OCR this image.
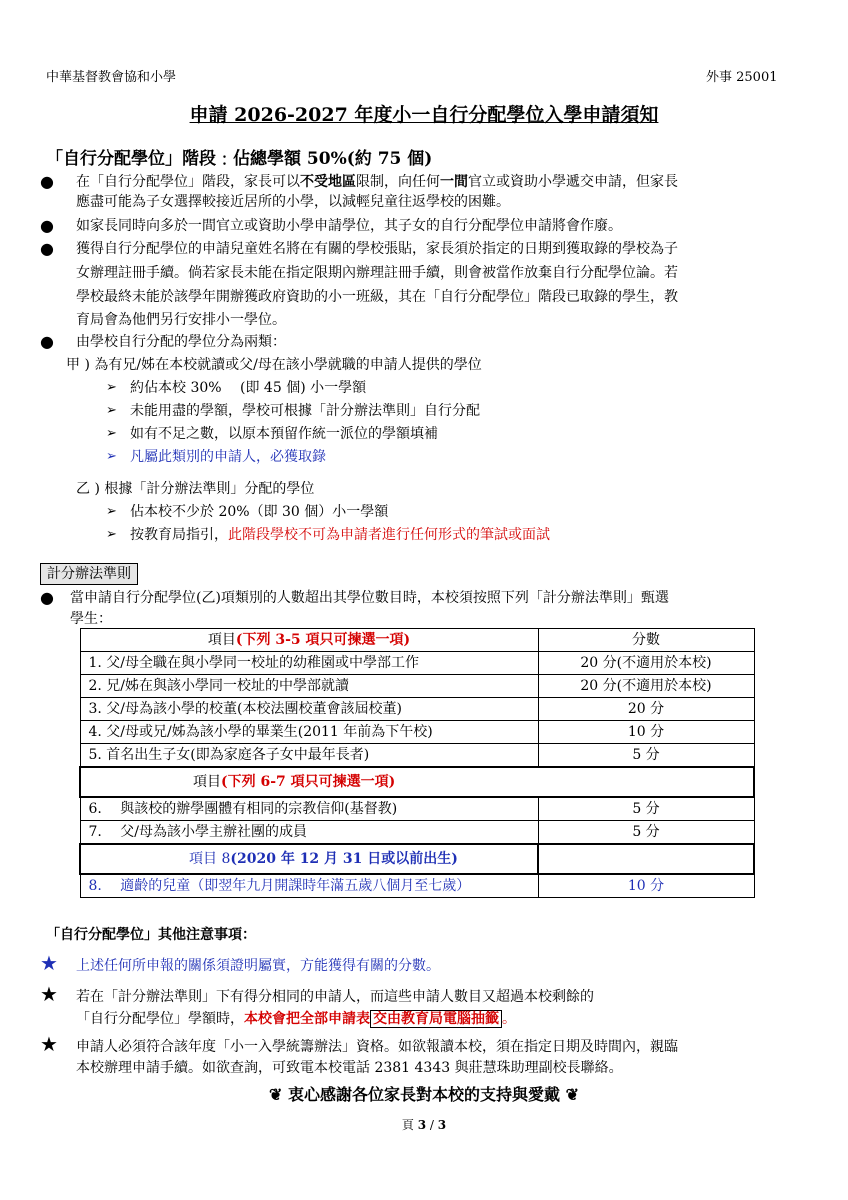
中華基督教會協和小學	外事 25001
申請 2026-2027 年度小一自行分配學位入學申請須知
「自行分配學位」階段﹕佔總學額 50%(約 75 個)
● 在「自行分配學位」階段，家長可以不受地區限制，向任何一間官立或資助小學遞交申請，但家長
應盡可能為子女選擇較接近居所的小學，以減輕兒童往返學校的困難。
● 如家長同時向多於一間官立或資助小學申請學位，其子女的自行分配學位申請將會作廢。
● 獲得自行分配學位的申請兒童姓名將在有關的學校張貼，家長須於指定的日期到獲取錄的學校為子
女辦理註冊手續。倘若家長未能在指定限期內辦理註冊手續，則會被當作放棄自行分配學位論。若
學校最終未能於該學年開辦獲政府資助的小一班級，其在「自行分配學位」階段已取錄的學生，教
育局會為他們另行安排小一學位。
● 由學校自行分配的學位分為兩類：
甲 ) 為有兄/姊在本校就讀或父/母在該小學就職的申請人提供的學位
➢ 約佔本校 30%　 (即 45 個) 小一學額
➢ 未能用盡的學額，學校可根據「計分辦法準則」自行分配
➢ 如有不足之數，以原本預留作統一派位的學額填補
➢ 凡屬此類別的申請人，必獲取錄
乙 ) 根據「計分辦法準則」分配的學位
➢ 佔本校不少於 20%（即 30 個）小一學額
➢ 按教育局指引，此階段學校不可為申請者進行任何形式的筆試或面試
計分辦法準則
● 當申請自行分配學位(乙)項類別的人數超出其學位數目時，本校須按照下列「計分辦法準則」甄選
學生：
項目(下列 3-5 項只可揀選一項)	分數
1. 父/母全職在與小學同一校址的幼稚園或中學部工作	20 分(不適用於本校)
2. 兄/姊在與該小學同一校址的中學部就讀	20 分(不適用於本校)
3. 父/母為該小學的校董(本校法團校董會該屆校董)	20 分
4. 父/母或兄/姊為該小學的畢業生(2011 年前為下午校)	10 分
5. 首名出生子女(即為家庭各子女中最年長者)	5 分
項目(下列 6-7 項只可揀選一項)	
6.　 與該校的辦學團體有相同的宗教信仰(基督教)	5 分
7.　 父/母為該小學主辦社團的成員	5 分
項目 8(2020 年 12 月 31 日或以前出生)	
8.　 適齡的兒童（即翌年九月開課時年滿五歲八個月至七歲）	10 分
「自行分配學位」其他注意事項：
★ 上述任何所申報的關係須證明屬實，方能獲得有關的分數。
★ 若在「計分辦法準則」下有得分相同的申請人，而這些申請人數目又超過本校剩餘的
「自行分配學位」學額時，本校會把全部申請表 交由教育局電腦抽籤 。
★ 申請人必須符合該年度「小一入學統籌辦法」資格。如欲報讀本校，須在指定日期及時間內，親臨
本校辦理申請手續。如欲查詢，可致電本校電話 2381 4343 與莊慧珠助理副校長聯絡。
❦ 衷心感謝各位家長對本校的支持與愛戴 ❦
頁 3 / 3
